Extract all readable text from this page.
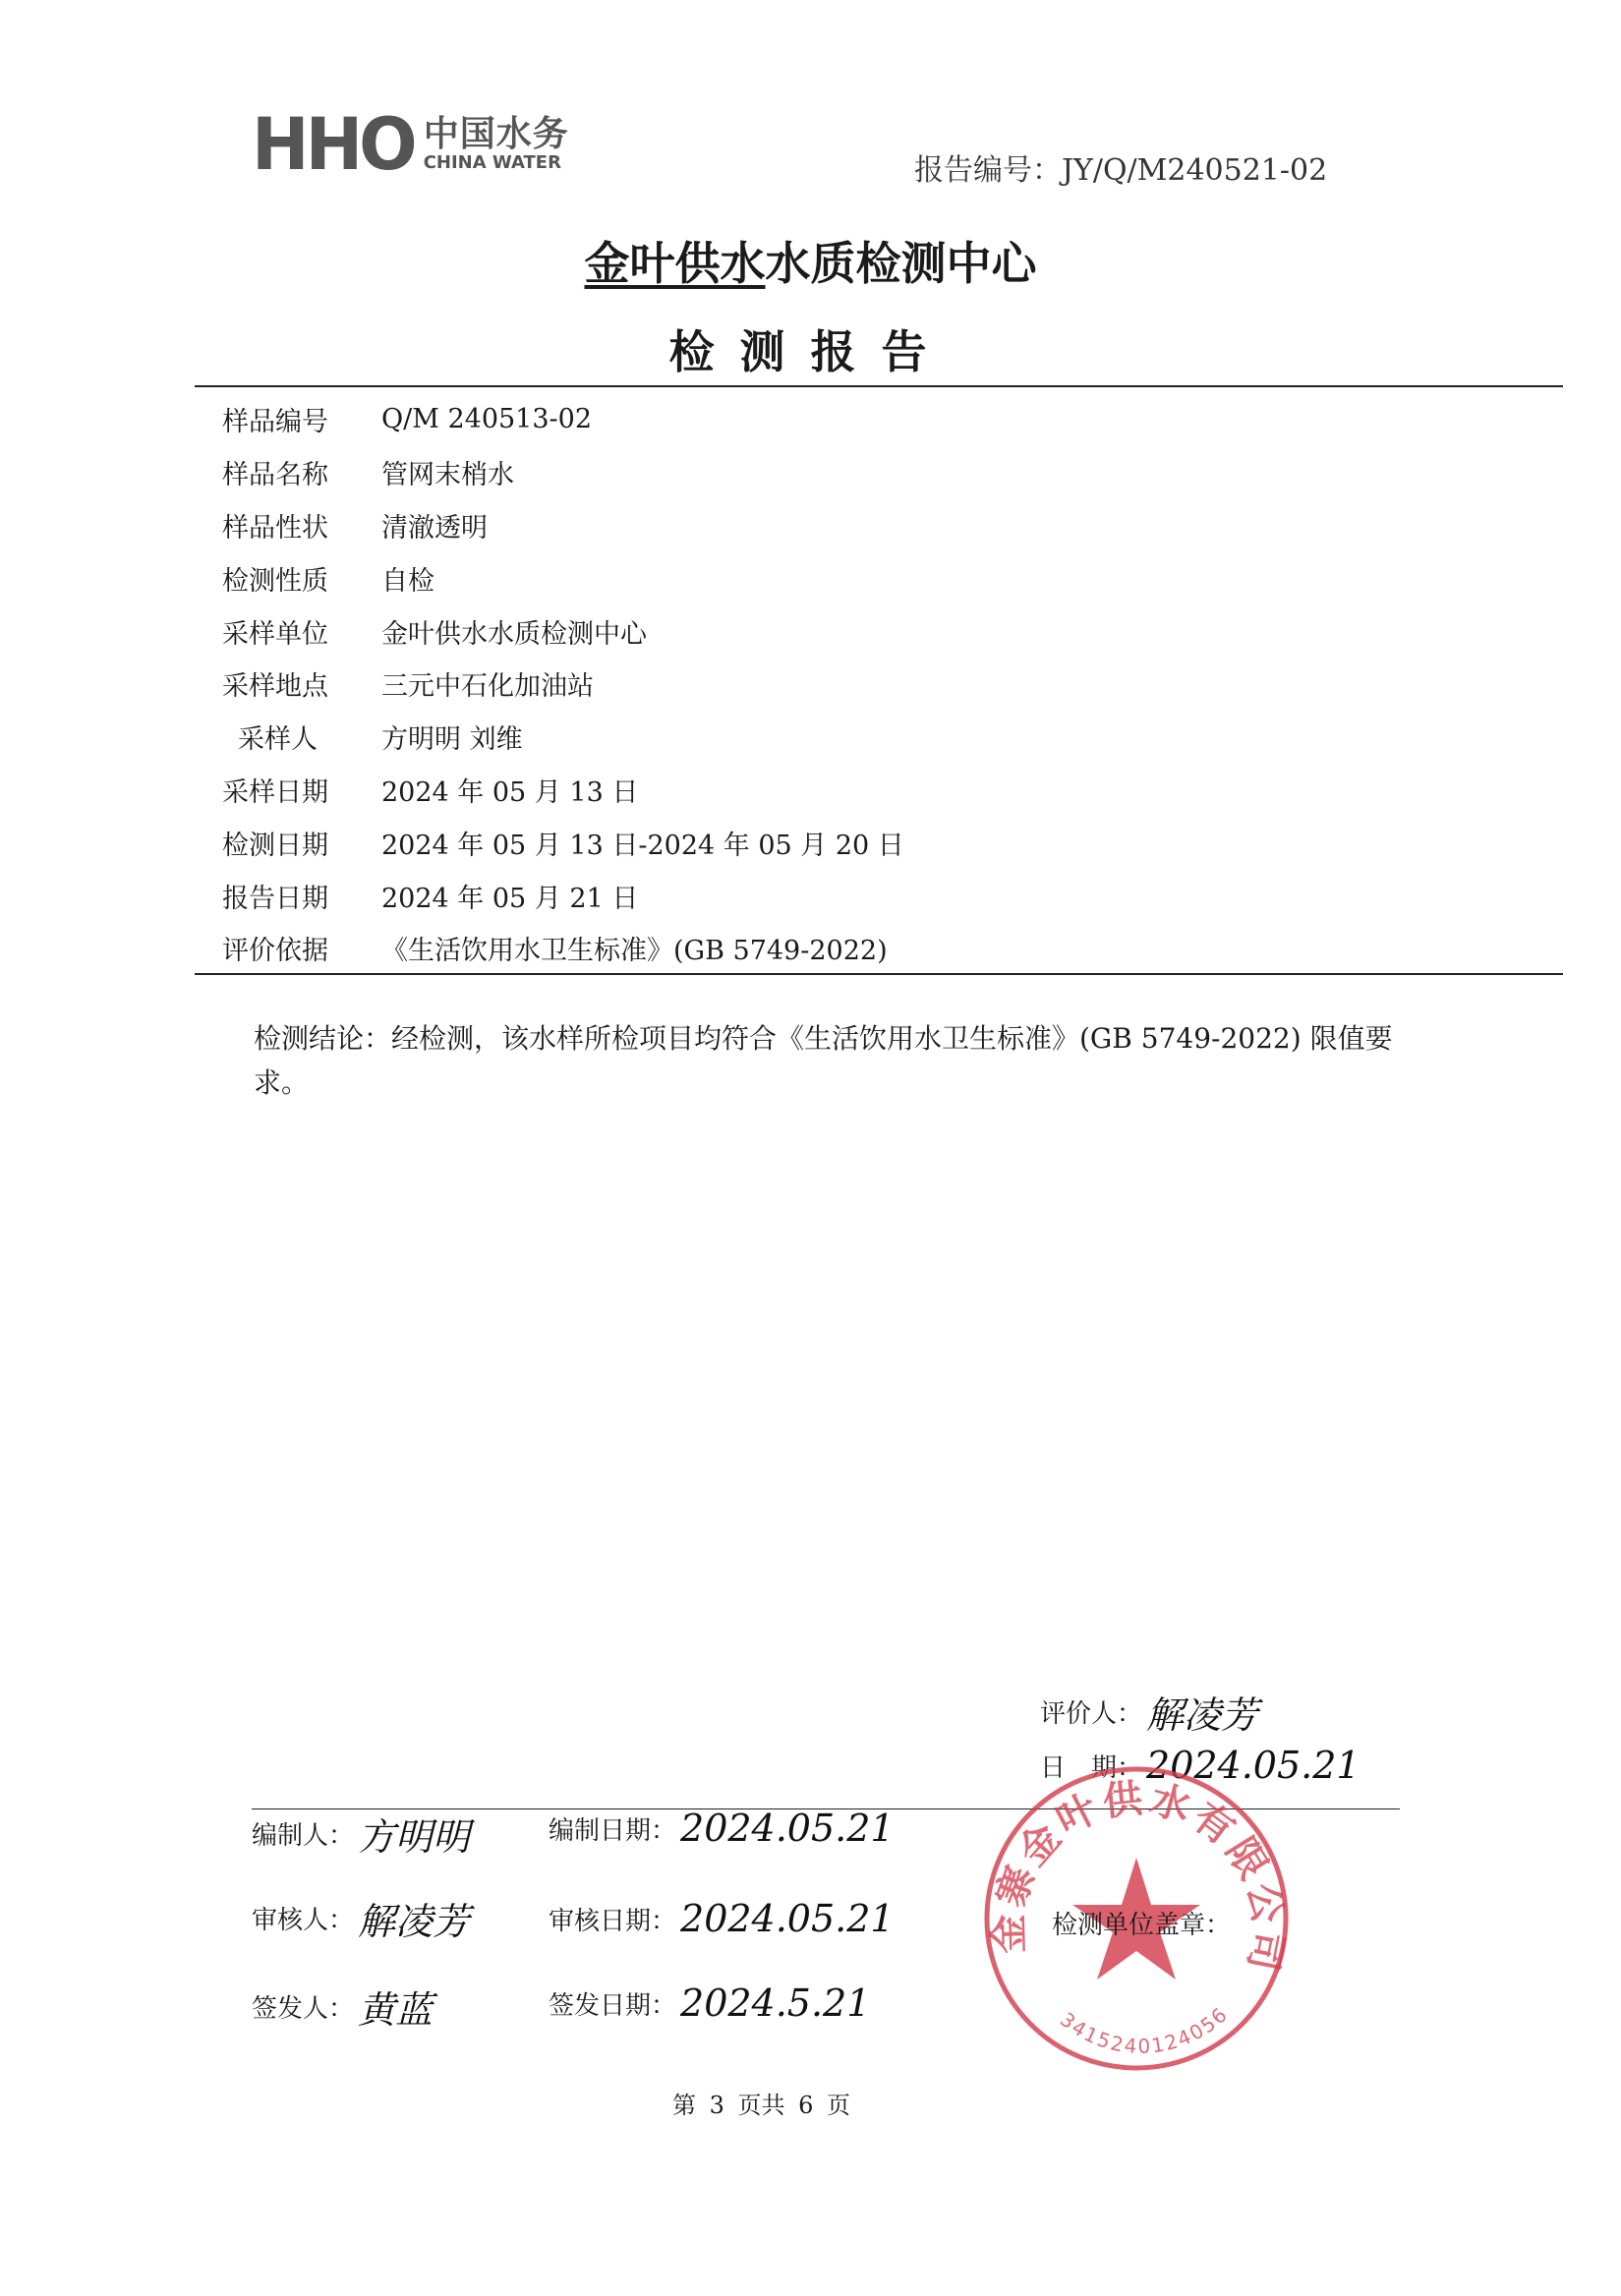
HHO 中国水务
CHINA WATER	报告编号：JY/Q/M240521-02
金叶供水水质检测中心
检测报告
样品编号	Q/M 240513-02
样品名称	管网末梢水
样品性状	清澈透明
检测性质	自检
采样单位	金叶供水水质检测中心
采样地点	三元中石化加油站
采样人	方明明 刘维
采样日期	2024 年 05 月 13 日
检测日期	2024 年 05 月 13 日-2024 年 05 月 20 日
报告日期	2024 年 05 月 21 日
评价依据	《生活饮用水卫生标准》(GB 5749-2022)
检测结论：经检测，该水样所检项目均符合《生活饮用水卫生标准》(GB 5749-2022) 限值要求。
评价人： 解凌芳
日　期： 2024.05.21
编制人： 方明明	编制日期： 2024.05.21
审核人： 解凌芳	审核日期： 2024.05.21
签发人： 黄蓝	签发日期： 2024.5.21
金寨金叶供水有限公司
3415240124056
检测单位盖章：
第 3 页共 6 页
